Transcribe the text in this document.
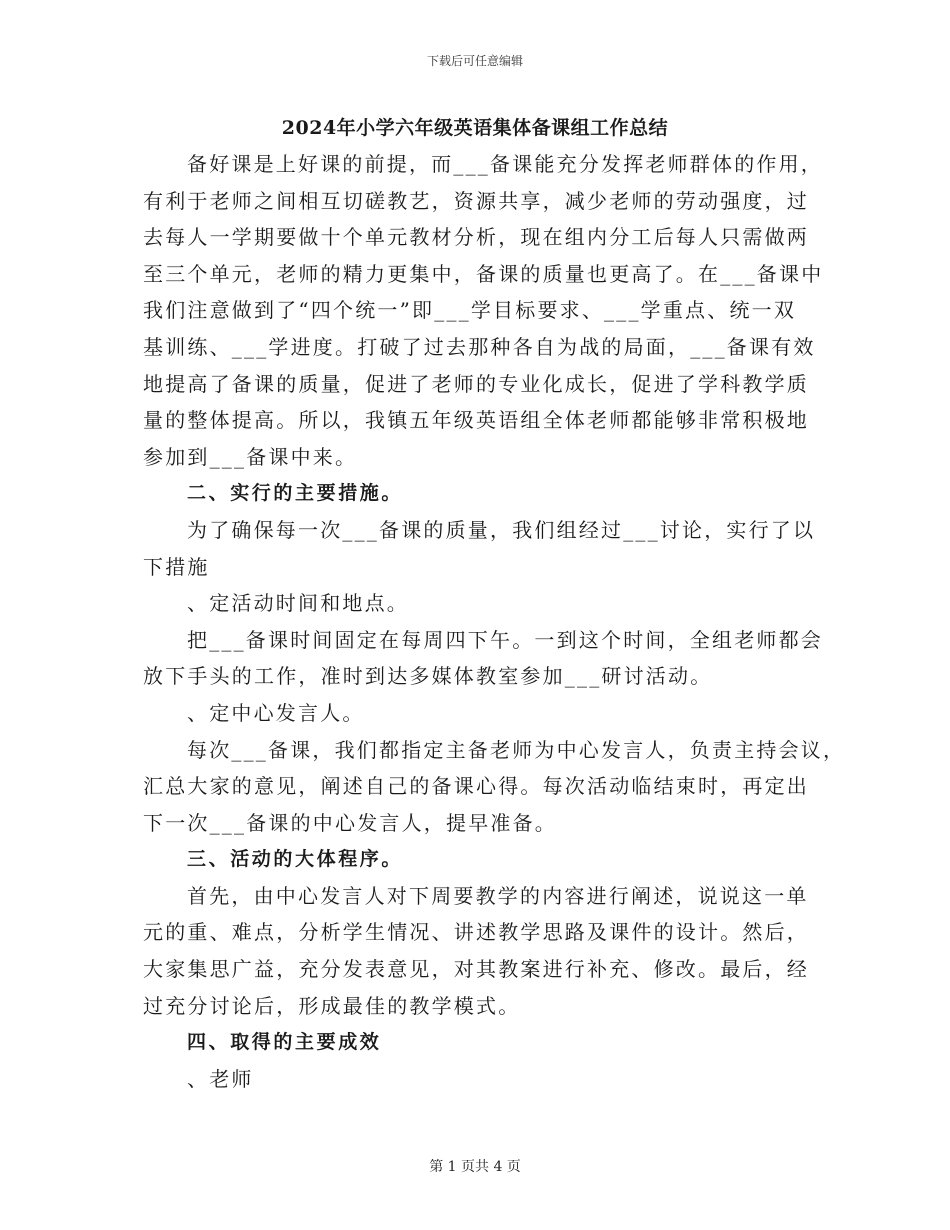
下载后可任意编辑
2024年小学六年级英语集体备课组工作总结
备好课是上好课的前提，而___备课能充分发挥老师群体的作用，
有利于老师之间相互切磋教艺，资源共享，减少老师的劳动强度，过
去每人一学期要做十个单元教材分析，现在组内分工后每人只需做两
至三个单元，老师的精力更集中，备课的质量也更高了。在___备课中
我们注意做到了“四个统一”即___学目标要求、___学重点、统一双
基训练、___学进度。打破了过去那种各自为战的局面，___备课有效
地提高了备课的质量，促进了老师的专业化成长，促进了学科教学质
量的整体提高。所以，我镇五年级英语组全体老师都能够非常积极地
参加到___备课中来。
二、实行的主要措施。
为了确保每一次___备课的质量，我们组经过___讨论，实行了以
下措施
、定活动时间和地点。
把___备课时间固定在每周四下午。一到这个时间，全组老师都会
放下手头的工作，准时到达多媒体教室参加___研讨活动。
、定中心发言人。
每次___备课，我们都指定主备老师为中心发言人，负责主持会议，
汇总大家的意见，阐述自己的备课心得。每次活动临结束时，再定出
下一次___备课的中心发言人，提早准备。
三、活动的大体程序。
首先，由中心发言人对下周要教学的内容进行阐述，说说这一单
元的重、难点，分析学生情况、讲述教学思路及课件的设计。然后，
大家集思广益，充分发表意见，对其教案进行补充、修改。最后，经
过充分讨论后，形成最佳的教学模式。
四、取得的主要成效
、老师
第 1 页共 4 页
